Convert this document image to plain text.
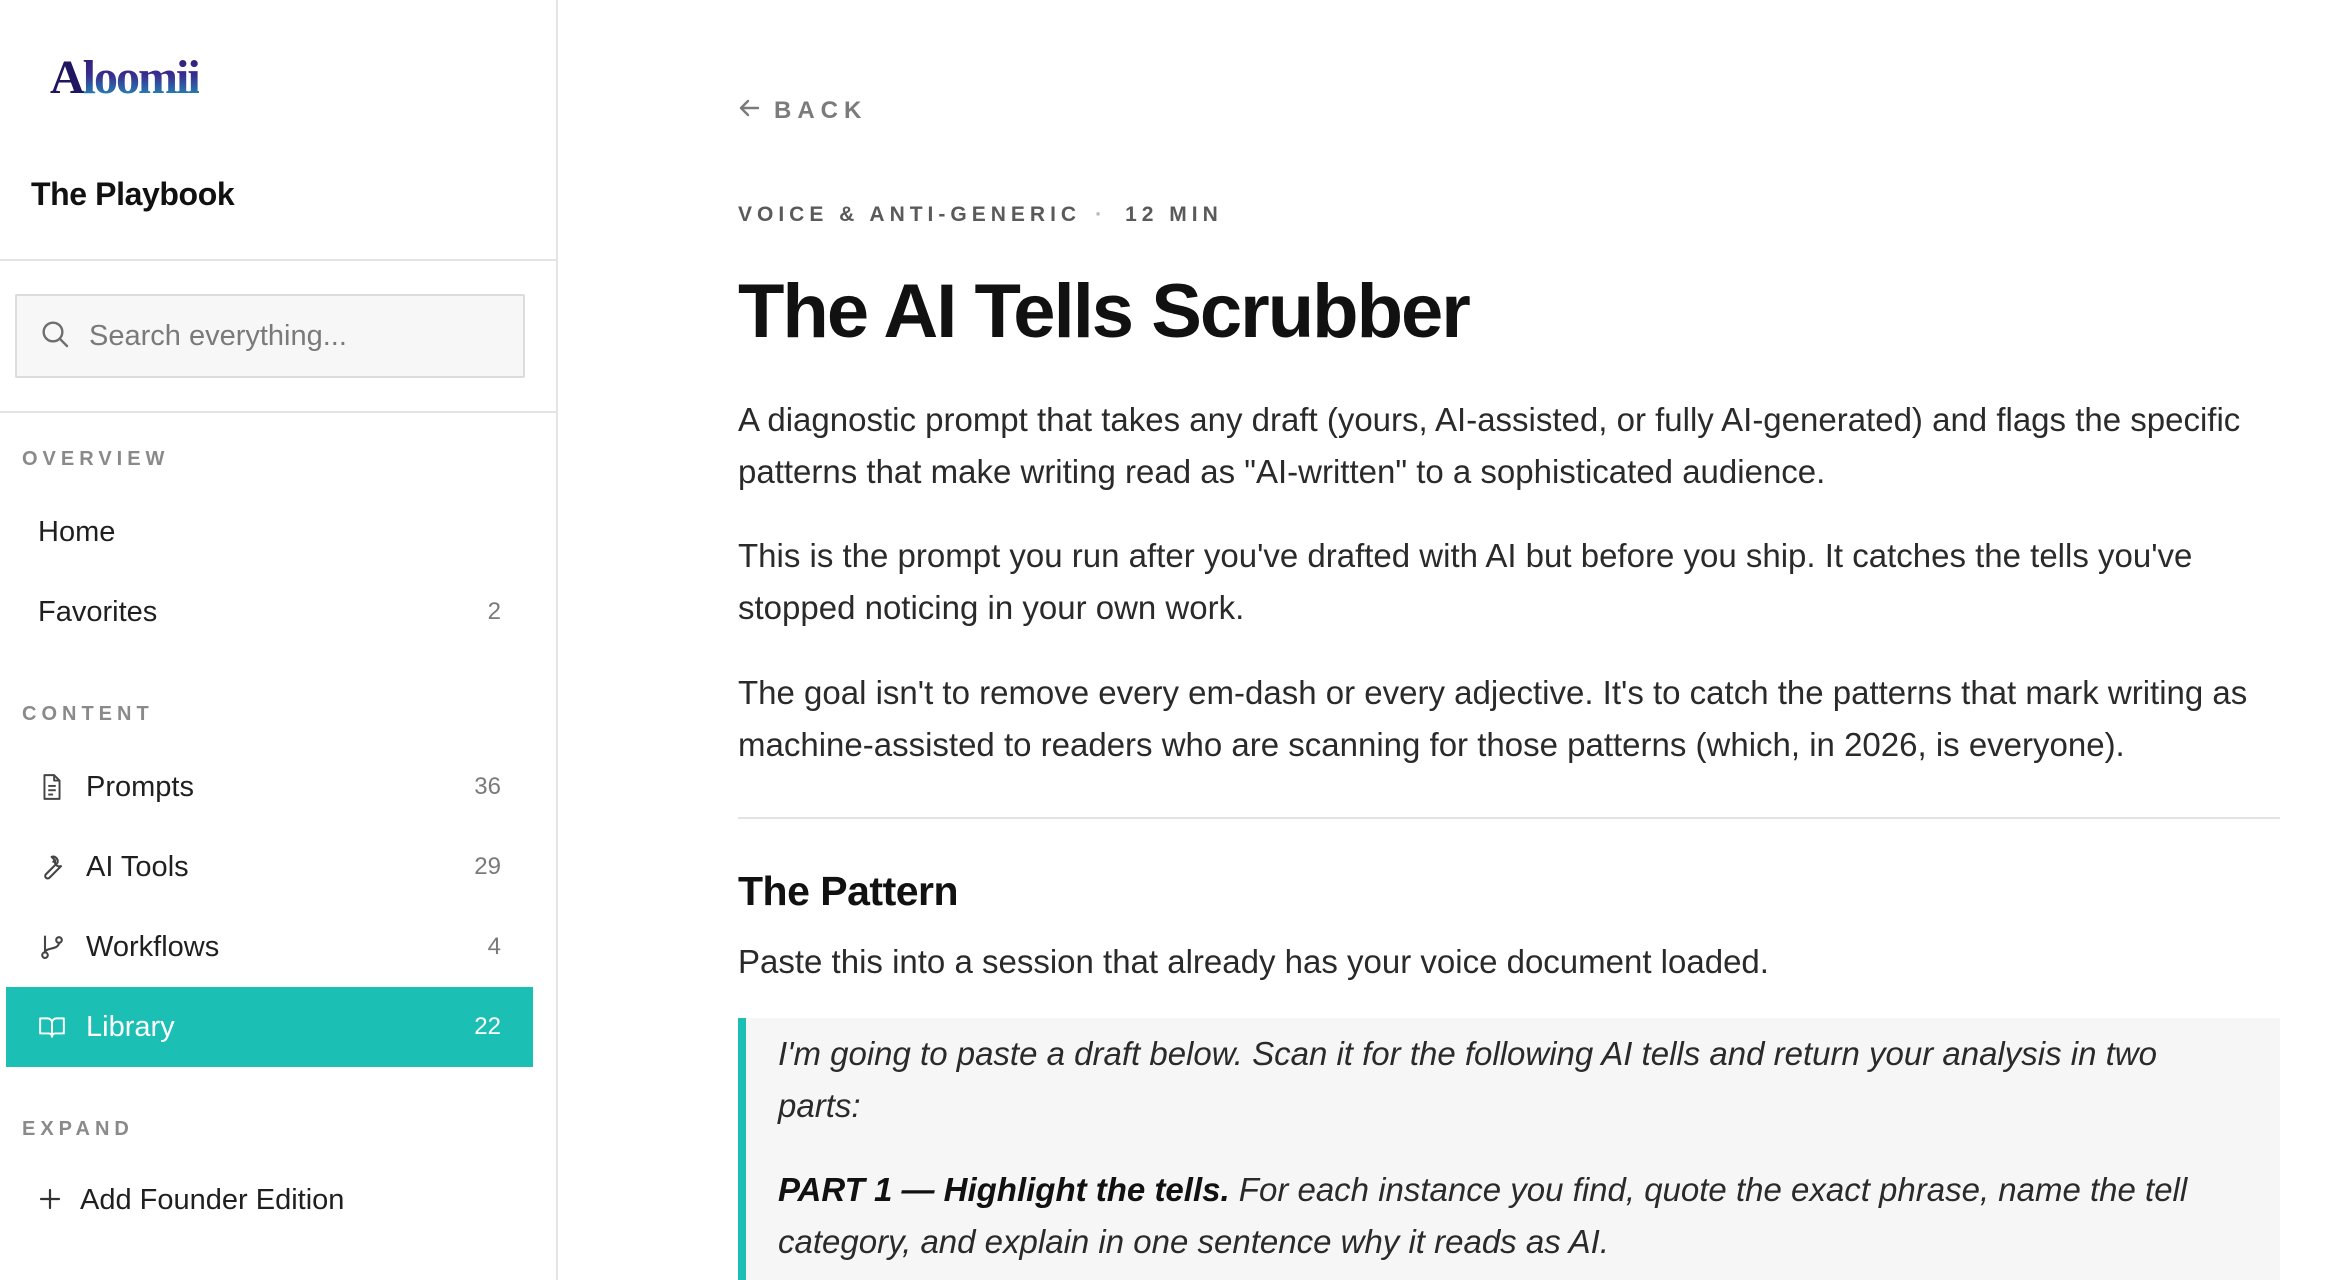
Aloomii
The Playbook
Search everything...
OVERVIEW
Home
Favorites	2
CONTENT
Prompts	36
AI Tools	29
Workflows	4
Library	22
EXPAND
Add Founder Edition
BACK
VOICE & ANTI-GENERIC · 12 MIN
The AI Tells Scrubber

A diagnostic prompt that takes any draft (yours, AI-assisted, or fully AI-generated) and flags the specific patterns that make writing read as "AI-written" to a sophisticated audience.

This is the prompt you run after you've drafted with AI but before you ship. It catches the tells you've stopped noticing in your own work.

The goal isn't to remove every em-dash or every adjective. It's to catch the patterns that mark writing as machine-assisted to readers who are scanning for those patterns (which, in 2026, is everyone).

The Pattern

Paste this into a session that already has your voice document loaded.

I'm going to paste a draft below. Scan it for the following AI tells and return your analysis in two parts:

PART 1 — Highlight the tells. For each instance you find, quote the exact phrase, name the tell category, and explain in one sentence why it reads as AI.
